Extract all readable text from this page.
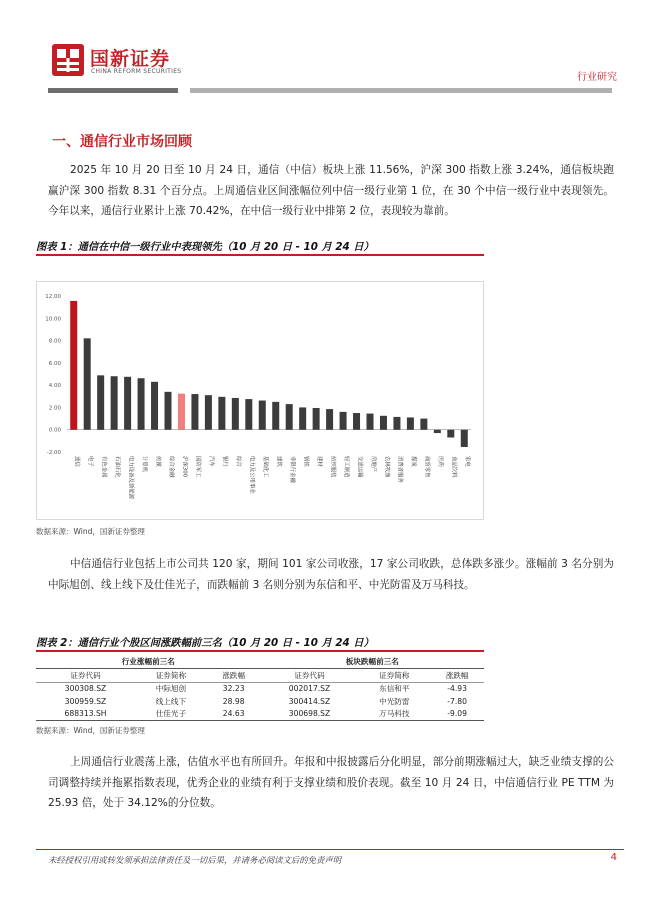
国新证券
CHINA REFORM SECURITIES
行业研究
一、通信行业市场回顾

2025 年 10 月 20 日至 10 月 24 日，通信（中信）板块上涨 11.56%，沪深 300 指数上涨 3.24%，通信板块跑赢沪深 300 指数 8.31 个百分点。上周通信业区间涨幅位列中信一级行业第 1 位，在 30 个中信一级行业中表现领先。今年以来，通信行业累计上涨 70.42%，在中信一级行业中排第 2 位，表现较为靠前。

图表 1：通信在中信一级行业中表现领先（10 月 20 日 - 10 月 24 日）
-2.00
0.00
2.00
4.00
6.00
8.00
10.00
12.00
通信	电子	有色金属	石油石化	电力设备及新能源	计算机	传媒	综合金融	沪深300	国防军工	汽车	银行	综合	电力及公用事业	基础化工	建筑	非银行金融	钢铁	建材	纺织服装	轻工制造	交通运输	房地产	农林牧渔	消费者服务	煤炭	商贸零售	医药	食品饮料	家电
数据来源：Wind，国新证券整理

中信通信行业包括上市公司共 120 家，期间 101 家公司收涨，17 家公司收跌，总体跌多涨少。涨幅前 3 名分别为中际旭创、线上线下及仕佳光子，而跌幅前 3 名则分别为东信和平、中光防雷及万马科技。

图表 2：通信行业个股区间涨跌幅前三名（10 月 20 日 - 10 月 24 日）
行业涨幅前三名			板块跌幅前三名		
证券代码	证券简称	涨跌幅	证券代码	证券简称	涨跌幅
300308.SZ	中际旭创	32.23	002017.SZ	东信和平	-4.93
300959.SZ	线上线下	28.98	300414.SZ	中光防雷	-7.80
688313.SH	仕佳光子	24.63	300698.SZ	万马科技	-9.09
数据来源：Wind，国新证券整理

上周通信行业震荡上涨，估值水平也有所回升。年报和中报披露后分化明显，部分前期涨幅过大，缺乏业绩支撑的公司调整持续并拖累指数表现，优秀企业的业绩有利于支撑业绩和股价表现。截至 10 月 24 日，中信通信行业 PE TTM 为 25.93 倍，处于 34.12%的分位数。

未经授权引用或转发须承担法律责任及一切后果，并请务必阅读文后的免责声明	4
